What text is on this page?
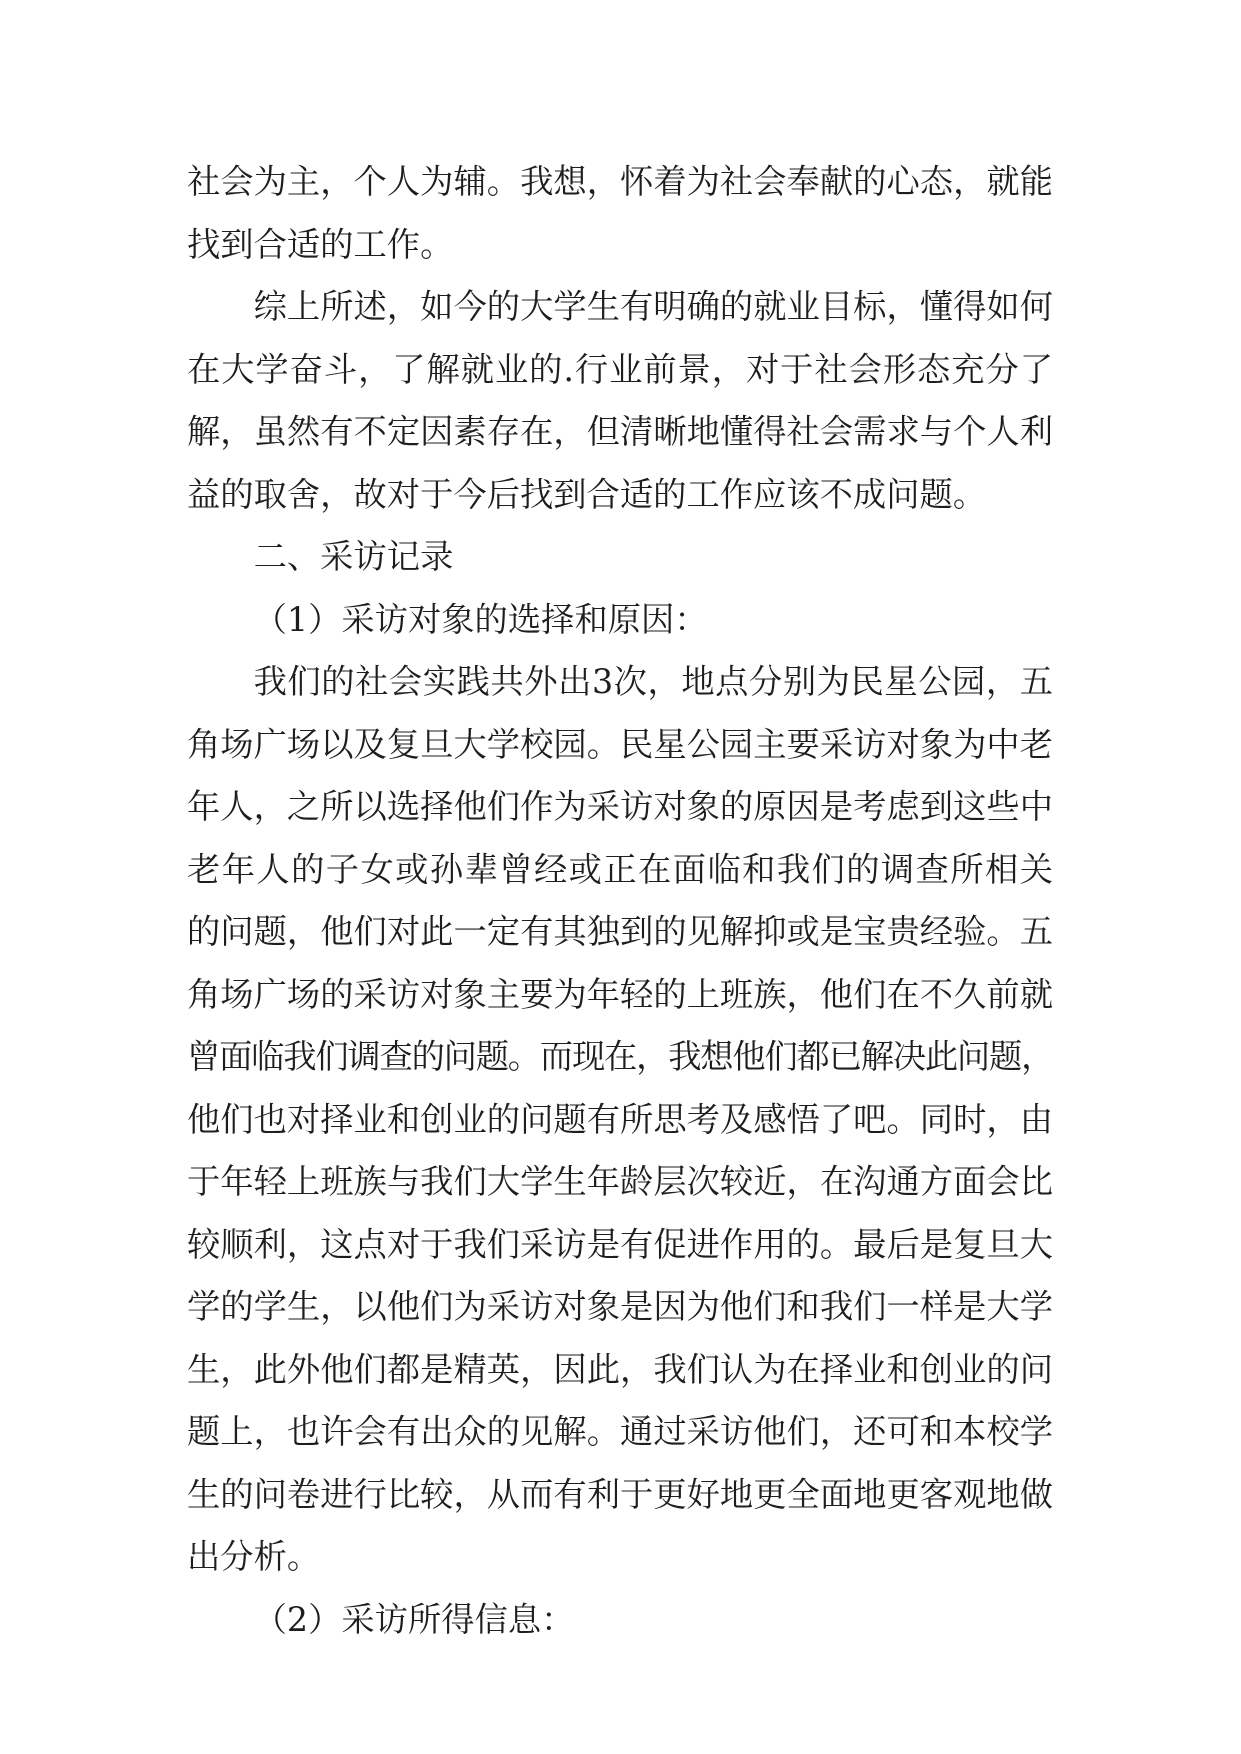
社会为主，个人为辅。我想，怀着为社会奉献的心态，就能
找到合适的工作。
综上所述，如今的大学生有明确的就业目标，懂得如何
在大学奋斗，了解就业的.行业前景，对于社会形态充分了
解，虽然有不定因素存在，但清晰地懂得社会需求与个人利
益的取舍，故对于今后找到合适的工作应该不成问题。
二、采访记录
（1）采访对象的选择和原因：
我们的社会实践共外出3次，地点分别为民星公园，五
角场广场以及复旦大学校园。民星公园主要采访对象为中老
年人，之所以选择他们作为采访对象的原因是考虑到这些中
老年人的子女或孙辈曾经或正在面临和我们的调查所相关
的问题，他们对此一定有其独到的见解抑或是宝贵经验。五
角场广场的采访对象主要为年轻的上班族，他们在不久前就
曾面临我们调查的问题。而现在，我想他们都已解决此问题，
他们也对择业和创业的问题有所思考及感悟了吧。同时，由
于年轻上班族与我们大学生年龄层次较近，在沟通方面会比
较顺利，这点对于我们采访是有促进作用的。最后是复旦大
学的学生，以他们为采访对象是因为他们和我们一样是大学
生，此外他们都是精英，因此，我们认为在择业和创业的问
题上，也许会有出众的见解。通过采访他们，还可和本校学
生的问卷进行比较，从而有利于更好地更全面地更客观地做
出分析。
（2）采访所得信息：
